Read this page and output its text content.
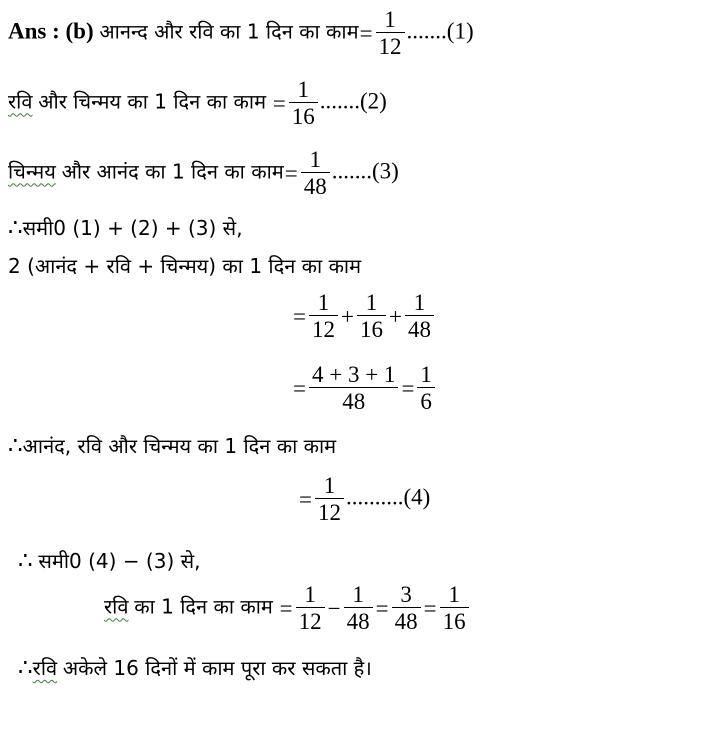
Ans : (b) आनन्द और रवि का 1 दिन का काम= $\frac{1}{12} .......(1)$
रवि और चिन्मय का 1 दिन का काम = $\frac{1}{16} .......(2)$
चिन्मय और आनंद का 1 दिन का काम= $\frac{1}{48} .......(3)$
∴समी0 (1) + (2) + (3) से,
2 (आनंद + रवि + चिन्मय) का 1 दिन का काम
= $\frac{1}{12} + \frac{1}{16} + \frac{1}{48}$
= $\frac{4 + 3 + 1}{48} = \frac{1}{6}$
∴आनंद, रवि और चिन्मय का 1 दिन का काम
= $\frac{1}{12} ..........(4)$
∴ समी0 (4) − (3) से,
रवि का 1 दिन का काम = $\frac{1}{12} - \frac{1}{48} = \frac{3}{48} = \frac{1}{16}$
∴रवि अकेले 16 दिनों में काम पूरा कर सकता है।
